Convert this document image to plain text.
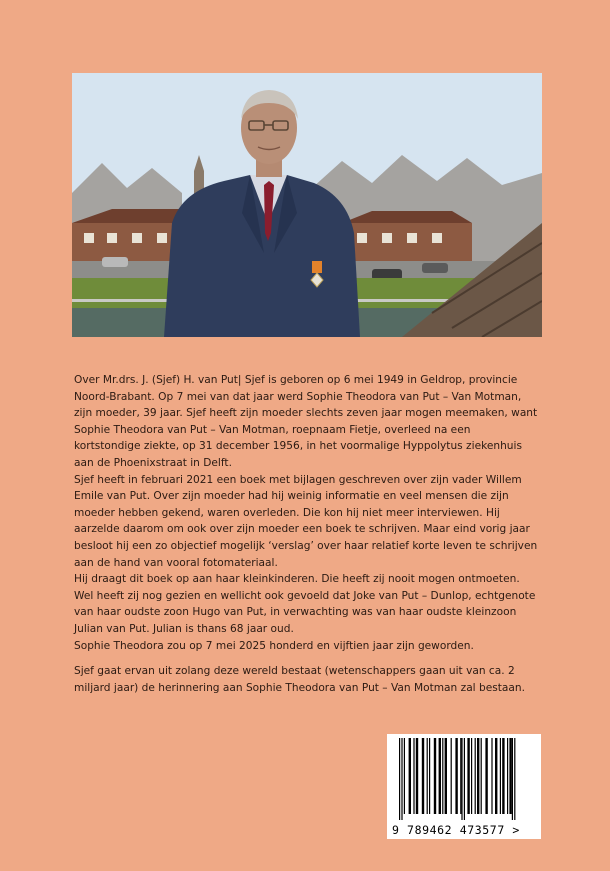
Over Mr.drs. J. (Sjef) H. van Put| Sjef is geboren op 6 mei 1949 in Geldrop, provincie Noord-Brabant. Op 7 mei van dat jaar werd Sophie Theodora van Put – Van Motman, zijn moeder, 39 jaar. Sjef heeft zijn moeder slechts zeven jaar mogen meemaken, want Sophie Theodora van Put – Van Motman, roepnaam Fietje, overleed na een kortstondige ziekte, op 31 december 1956, in het voormalige Hyppolytus ziekenhuis aan de Phoenixstraat in Delft.

Sjef heeft in februari 2021 een boek met bijlagen geschreven over zijn vader Willem Emile van Put. Over zijn moeder had hij weinig informatie en veel mensen die zijn moeder hebben gekend, waren overleden. Die kon hij niet meer interviewen. Hij aarzelde daarom om ook over zijn moeder een boek te schrijven. Maar eind vorig jaar besloot hij een zo objectief mogelijk ‘verslag’ over haar relatief korte leven te schrijven aan de hand van vooral fotomateriaal.

Hij draagt dit boek op aan haar kleinkinderen. Die heeft zij nooit mogen ontmoeten. Wel heeft zij nog gezien en wellicht ook gevoeld dat Joke van Put – Dunlop, echtgenote van haar oudste zoon Hugo van Put, in verwachting was van haar oudste kleinzoon Julian van Put. Julian is thans 68 jaar oud.

Sophie Theodora zou op 7 mei 2025 honderd en vijftien jaar zijn geworden.

Sjef gaat ervan uit zolang deze wereld bestaat (wetenschappers gaan uit van ca. 2 miljard jaar) de herinnering aan Sophie Theodora van Put – Van Motman zal bestaan.

9 789462 473577 >
